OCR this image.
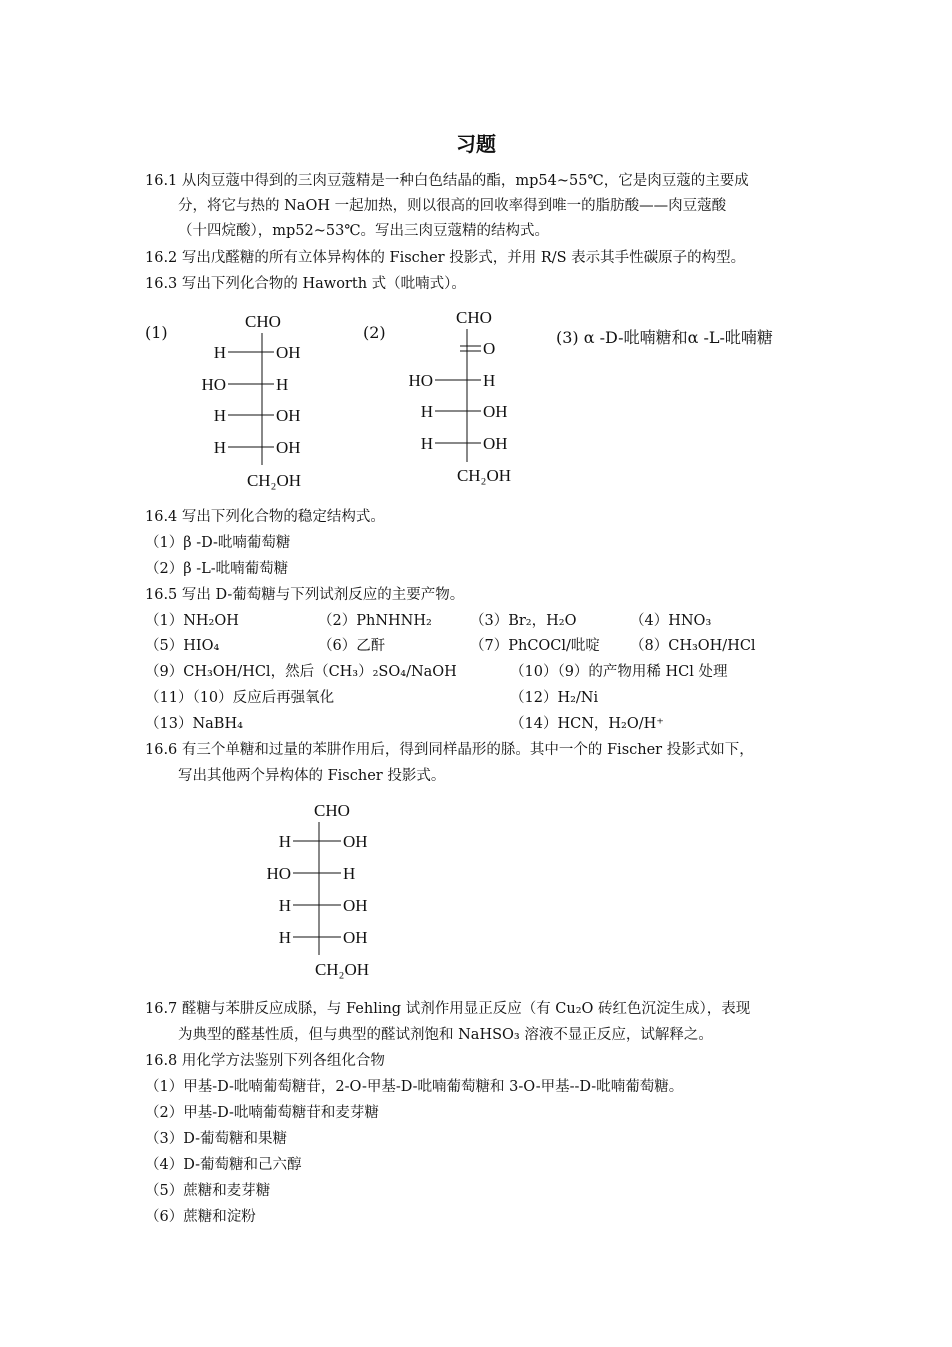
习题
16.1 从肉豆蔻中得到的三肉豆蔻精是一种白色结晶的酯，mp54~55℃，它是肉豆蔻的主要成
分，将它与热的 NaOH 一起加热，则以很高的回收率得到唯一的脂肪酸——肉豆蔻酸
（十四烷酸），mp52~53℃。写出三肉豆蔻精的结构式。
16.2 写出戊醛糖的所有立体异构体的 Fischer 投影式，并用 R/S 表示其手性碳原子的构型。
16.3 写出下列化合物的 Haworth 式（吡喃式）。
(1)
CHO
H	OH
HO	H
H	OH
H	OH
CH₂OH
(2)
CHO
O
HO	H
H	OH
H	OH
CH₂OH
(3) α -D-吡喃糖和α -L-吡喃糖
16.4 写出下列化合物的稳定结构式。
（1）β -D-吡喃葡萄糖
（2）β -L-吡喃葡萄糖
16.5 写出 D-葡萄糖与下列试剂反应的主要产物。
（1）NH₂OH	（2）PhNHNH₂	（3）Br₂，H₂O	（4）HNO₃
（5）HIO₄	（6）乙酐	（7）PhCOCl/吡啶 （8）CH₃OH/HCl
（9）CH₃OH/HCl，然后（CH₃）₂SO₄/NaOH	（10）（9）的产物用稀 HCl 处理
（11）（10）反应后再强氧化	（12）H₂/Ni
（13）NaBH₄	（14）HCN，H₂O/H⁺
16.6 有三个单糖和过量的苯肼作用后，得到同样晶形的脎。其中一个的 Fischer 投影式如下，
写出其他两个异构体的 Fischer 投影式。
CHO
H	OH
HO	H
H	OH
H	OH
CH₂OH
16.7 醛糖与苯肼反应成脎，与 Fehling 试剂作用显正反应（有 Cu₂O 砖红色沉淀生成），表现
为典型的醛基性质，但与典型的醛试剂饱和 NaHSO₃ 溶液不显正反应，试解释之。
16.8 用化学方法鉴别下列各组化合物
（1）甲基-D-吡喃葡萄糖苷，2-O-甲基-D-吡喃葡萄糖和 3-O-甲基--D-吡喃葡萄糖。
（2）甲基-D-吡喃葡萄糖苷和麦芽糖
（3）D-葡萄糖和果糖
（4）D-葡萄糖和己六醇
（5）蔗糖和麦芽糖
（6）蔗糖和淀粉
